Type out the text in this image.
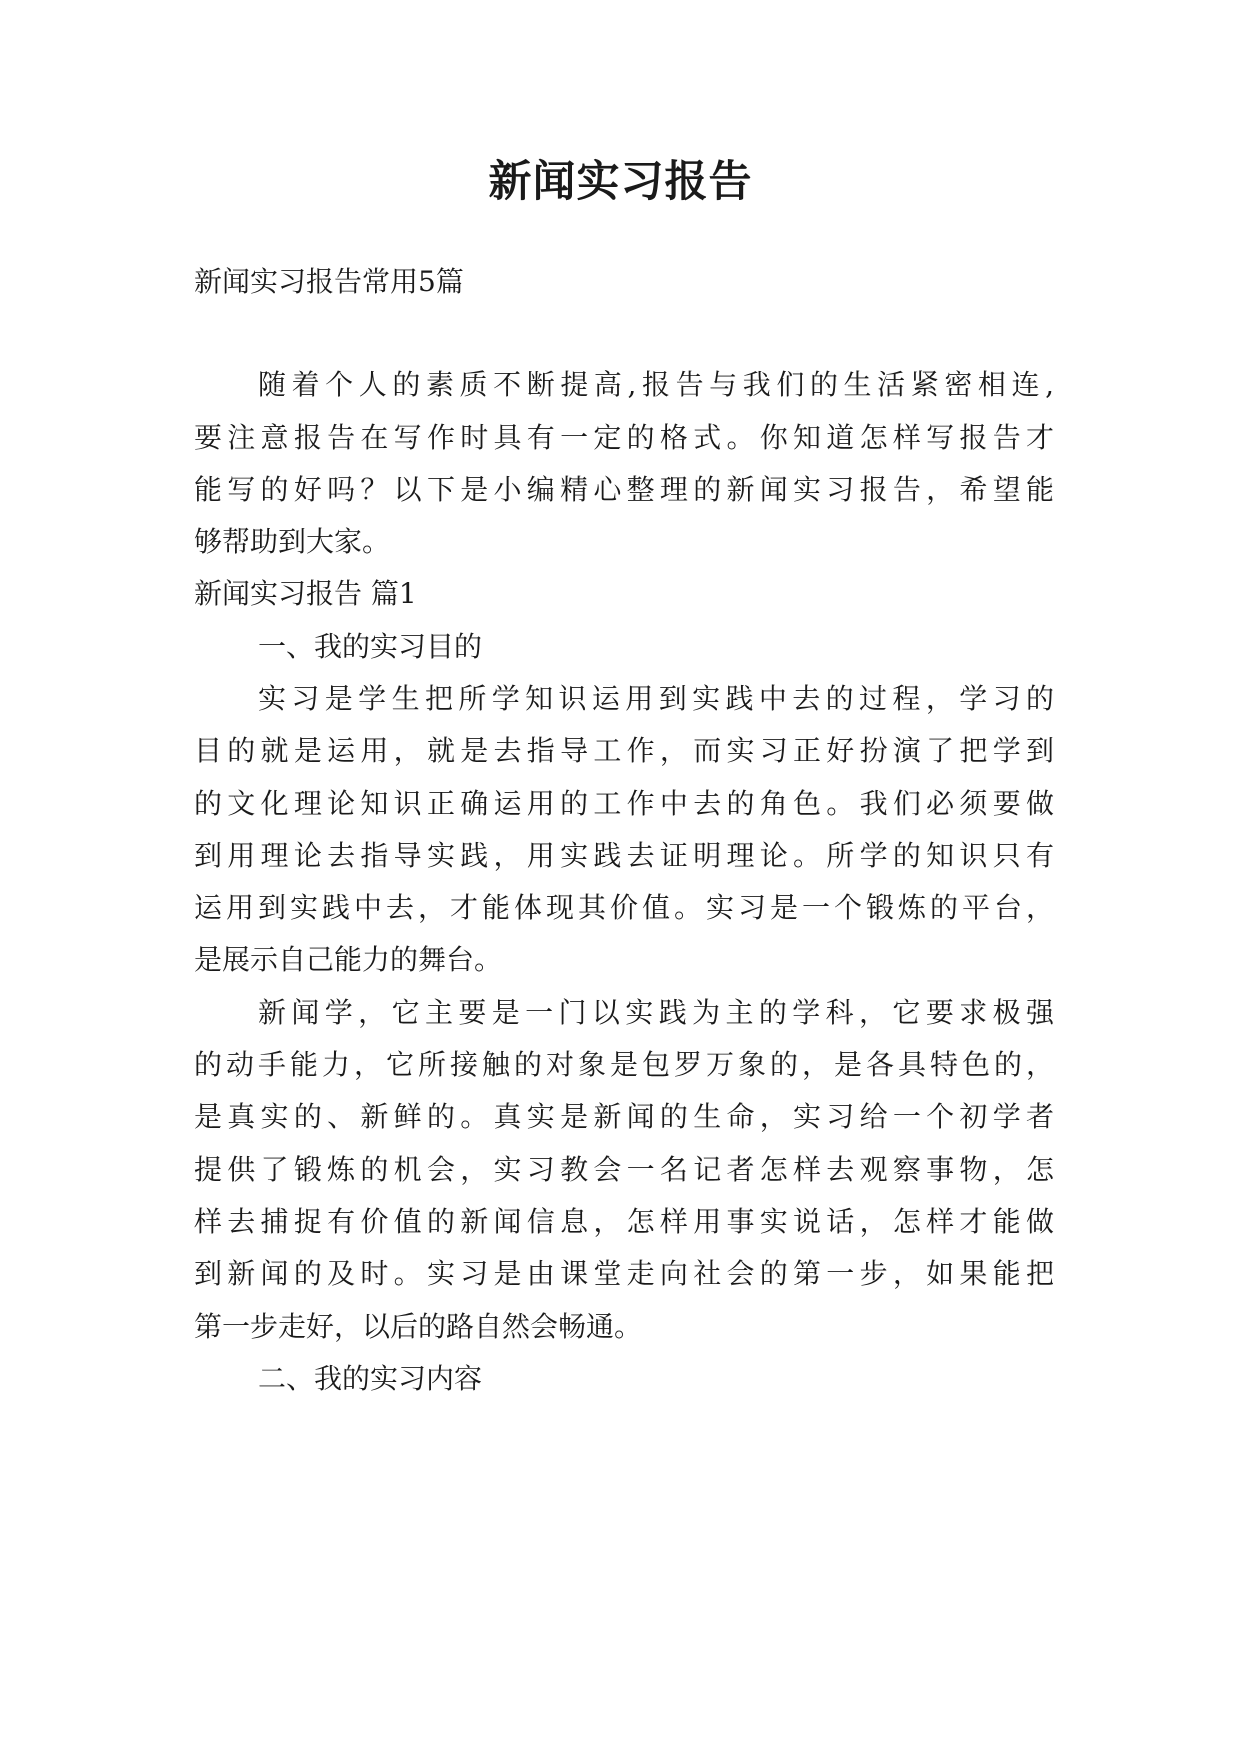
新闻实习报告

新闻实习报告常用5篇

随着个人的素质不断提高,报告与我们的生活紧密相连,

要注意报告在写作时具有一定的格式。你知道怎样写报告才

能写的好吗？以下是小编精心整理的新闻实习报告，希望能

够帮助到大家。

新闻实习报告 篇1

一、我的实习目的

实习是学生把所学知识运用到实践中去的过程，学习的

目的就是运用，就是去指导工作，而实习正好扮演了把学到

的文化理论知识正确运用的工作中去的角色。我们必须要做

到用理论去指导实践，用实践去证明理论。所学的知识只有

运用到实践中去，才能体现其价值。实习是一个锻炼的平台，

是展示自己能力的舞台。

新闻学，它主要是一门以实践为主的学科，它要求极强

的动手能力，它所接触的对象是包罗万象的，是各具特色的，

是真实的、新鲜的。真实是新闻的生命，实习给一个初学者

提供了锻炼的机会，实习教会一名记者怎样去观察事物，怎

样去捕捉有价值的新闻信息，怎样用事实说话，怎样才能做

到新闻的及时。实习是由课堂走向社会的第一步，如果能把

第一步走好，以后的路自然会畅通。

二、我的实习内容
